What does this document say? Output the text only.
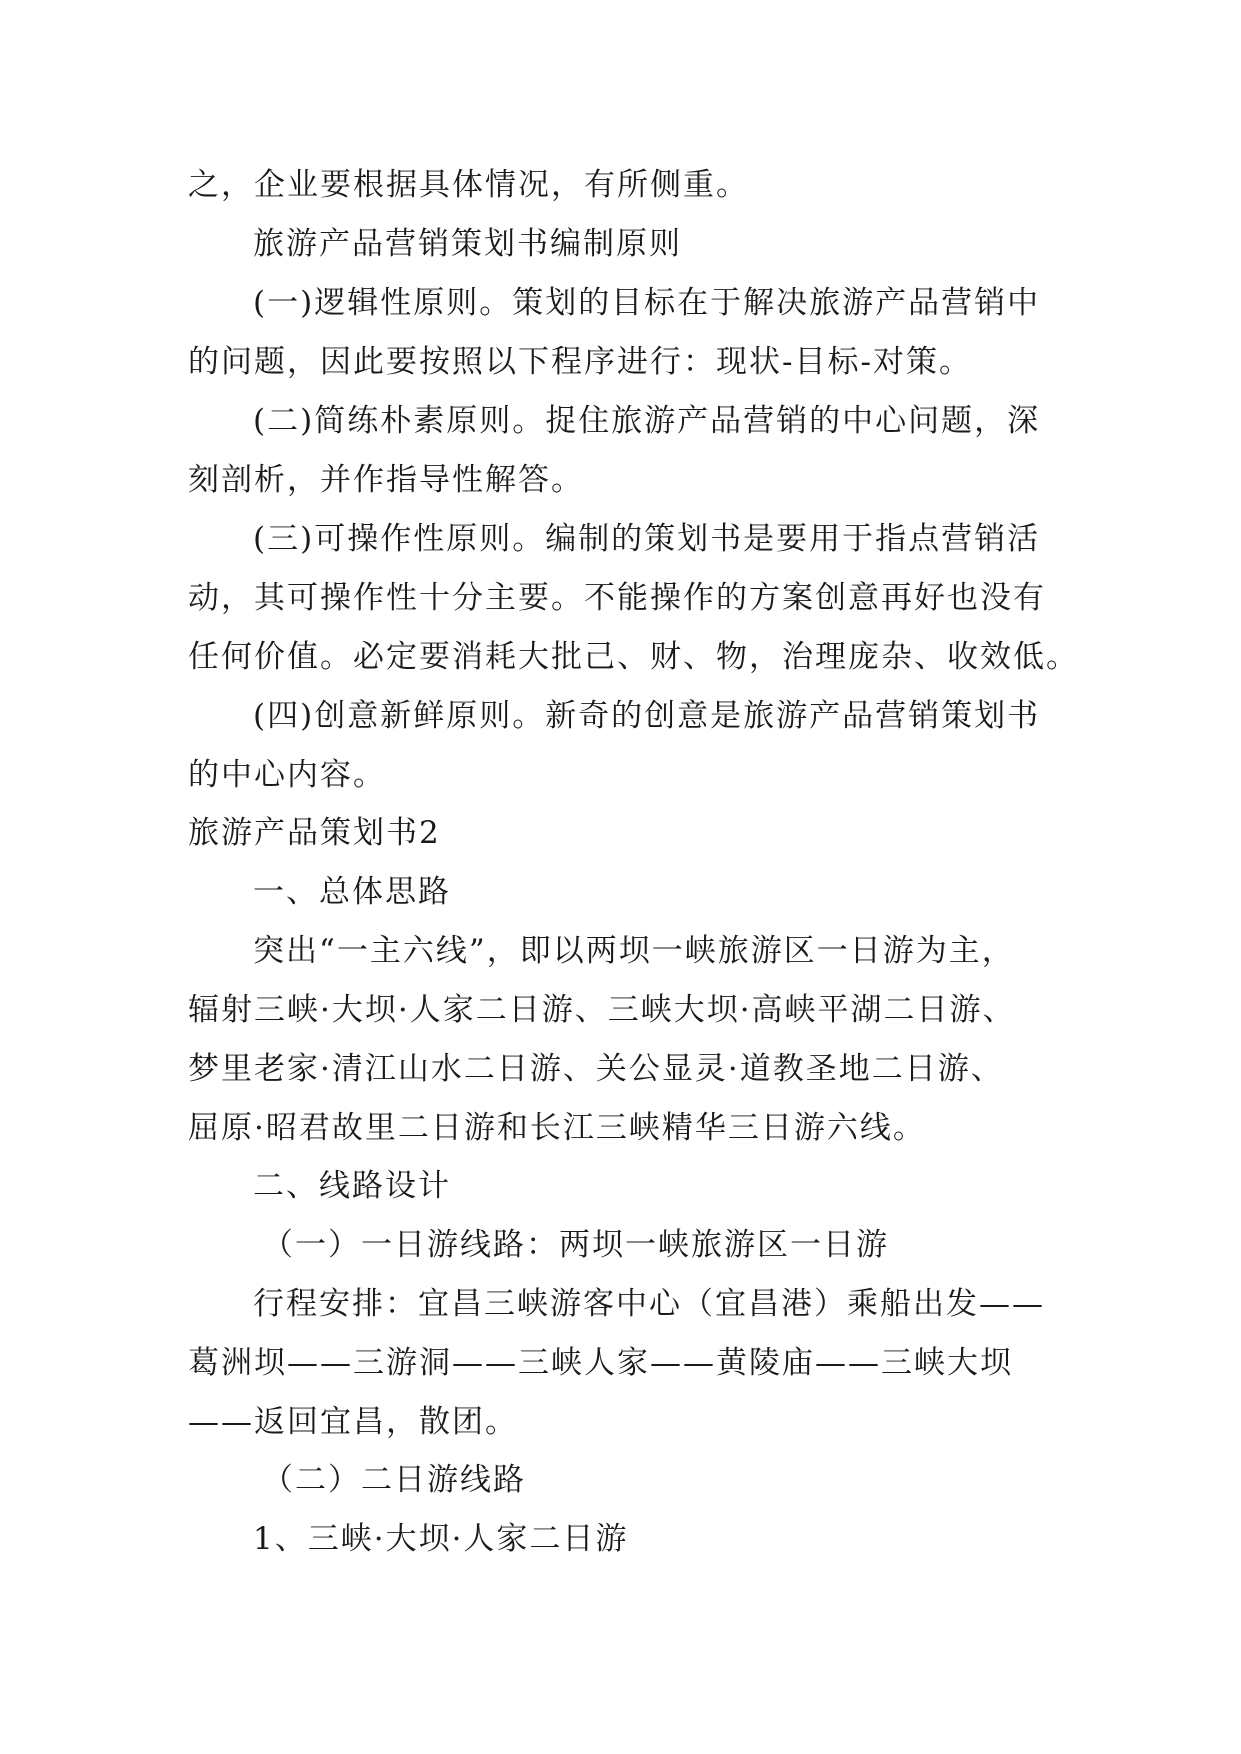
之，企业要根据具体情况，有所侧重。
旅游产品营销策划书编制原则
(一)逻辑性原则。策划的目标在于解决旅游产品营销中
的问题，因此要按照以下程序进行：现状-目标-对策。
(二)简练朴素原则。捉住旅游产品营销的中心问题，深
刻剖析，并作指导性解答。
(三)可操作性原则。编制的策划书是要用于指点营销活
动，其可操作性十分主要。不能操作的方案创意再好也没有
任何价值。必定要消耗大批己、财、物，治理庞杂、收效低。
(四)创意新鲜原则。新奇的创意是旅游产品营销策划书
的中心内容。
旅游产品策划书2
一、总体思路
突出“一主六线”，即以两坝一峡旅游区一日游为主，
辐射三峡·大坝·人家二日游、三峡大坝·高峡平湖二日游、
梦里老家·清江山水二日游、关公显灵·道教圣地二日游、
屈原·昭君故里二日游和长江三峡精华三日游六线。
二、线路设计
（一）一日游线路：两坝一峡旅游区一日游
行程安排：宜昌三峡游客中心（宜昌港）乘船出发——
葛洲坝——三游洞——三峡人家——黄陵庙——三峡大坝
——返回宜昌，散团。
（二）二日游线路
1、三峡·大坝·人家二日游
